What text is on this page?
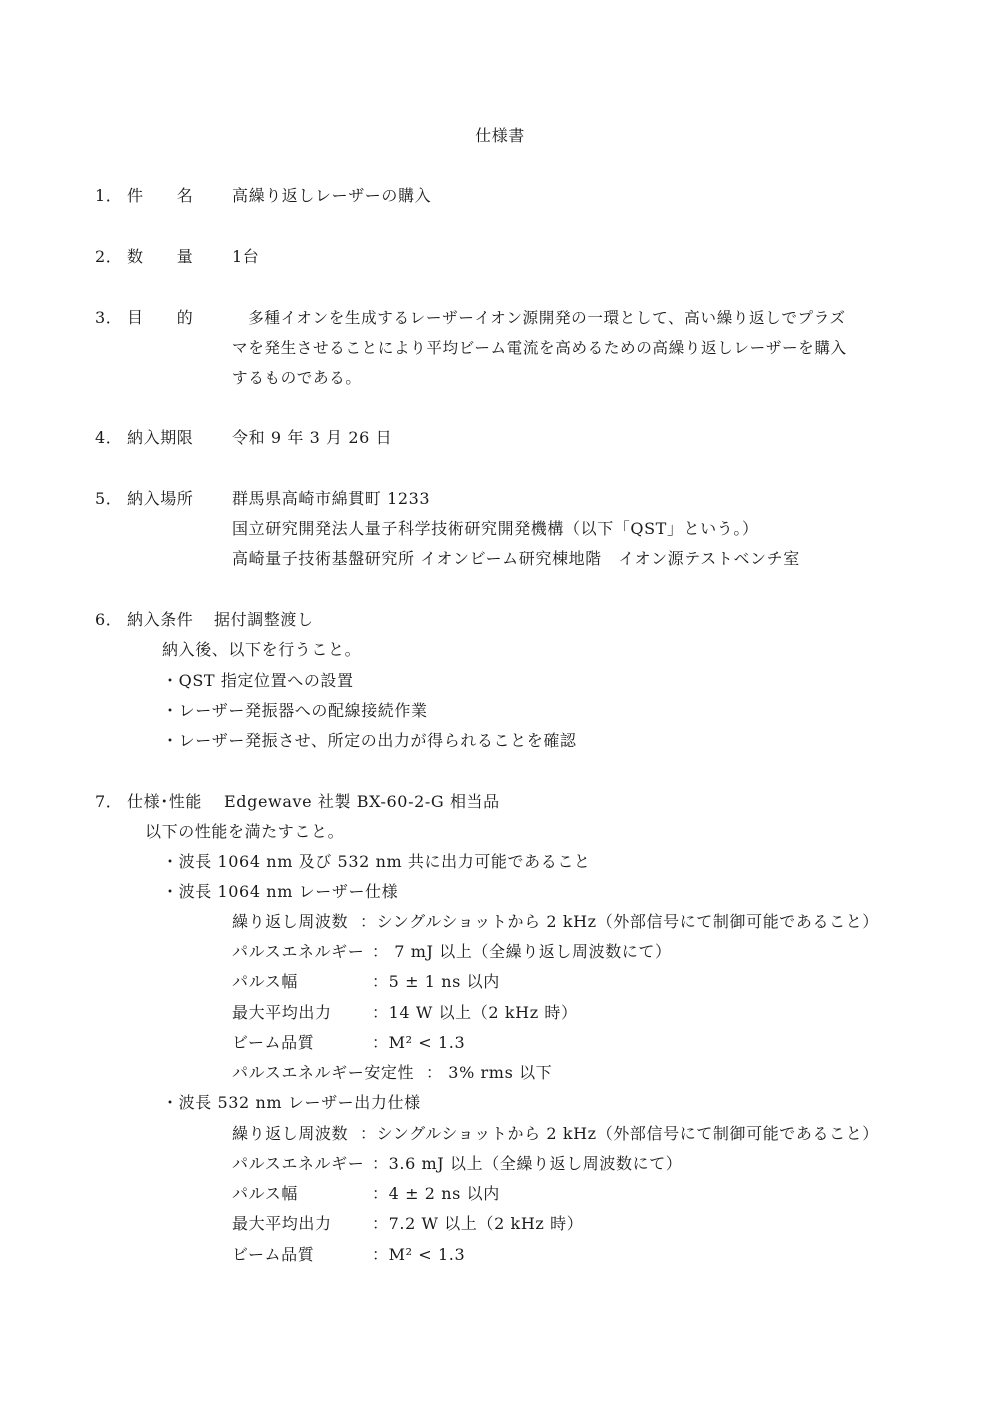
仕様書
1． 件　　名 高繰り返しレーザーの購入
2． 数　　量 1台
3． 目　　的 　多種イオンを生成するレーザーイオン源開発の一環として、高い繰り返しでプラズ
マを発生させることにより平均ビーム電流を高めるための高繰り返しレーザーを購入
するものである。
4． 納入期限 令和 9 年 3 月 26 日
5． 納入場所 群馬県高崎市綿貫町 1233
国立研究開発法人量子科学技術研究開発機構（以下「QST」という。）
高崎量子技術基盤研究所 イオンビーム研究棟地階　イオン源テストベンチ室
6． 納入条件 据付調整渡し
納入後、以下を行うこと。
・QST 指定位置への設置
・レーザー発振器への配線接続作業
・レーザー発振させ、所定の出力が得られることを確認
7． 仕様･性能 Edgewave 社製 BX-60-2-G 相当品
以下の性能を満たすこと。
・波長 1064 nm 及び 532 nm 共に出力可能であること
・波長 1064 nm レーザー仕様
繰り返し周波数 ：シングルショットから 2 kHz（外部信号にて制御可能であること）
パルスエネルギー ： 7 mJ 以上（全繰り返し周波数にて）
パルス幅	：5 ± 1 ns 以内
最大平均出力	：14 W 以上（2 kHz 時）
ビーム品質	：M² < 1.3
パルスエネルギー安定性 ： 3% rms 以下
・波長 532 nm レーザー出力仕様
繰り返し周波数 ：シングルショットから 2 kHz（外部信号にて制御可能であること）
パルスエネルギー ：3.6 mJ 以上（全繰り返し周波数にて）
パルス幅	：4 ± 2 ns 以内
最大平均出力	：7.2 W 以上（2 kHz 時）
ビーム品質	：M² < 1.3
